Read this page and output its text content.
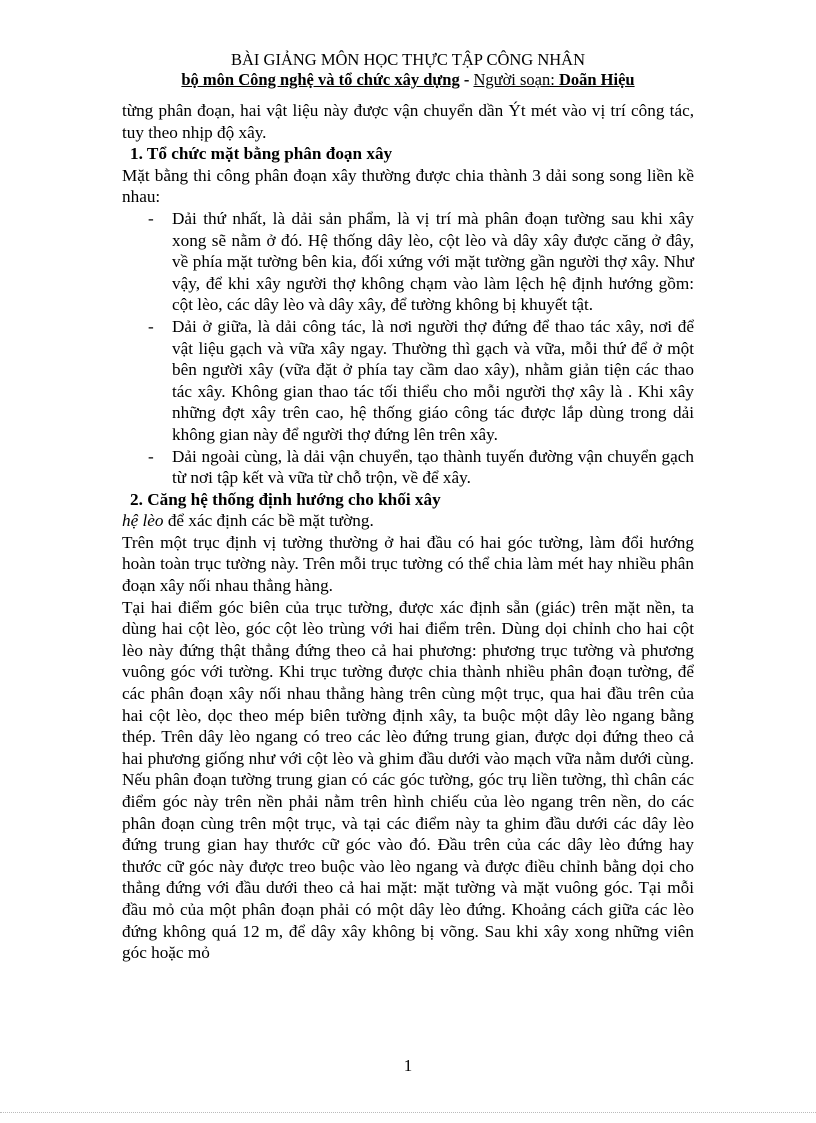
BÀI GIẢNG MÔN HỌC THỰC TẬP CÔNG NHÂN
bộ môn Công nghệ và tổ chức xây dựng - Người soạn: Doãn Hiệu

từng phân đoạn, hai vật liệu này được vận chuyển dần Ýt mét vào vị trí công tác, tuy theo nhịp độ xây.

1. Tổ chức mặt bằng phân đoạn xây

Mặt bằng thi công phân đoạn xây thường được chia thành 3 dải song song liền kề nhau:

- Dải thứ nhất, là dải sản phẩm, là vị trí mà phân đoạn tường sau khi xây xong sẽ nằm ở đó. Hệ thống dây lèo, cột lèo và dây xây được căng ở đây, về phía mặt tường bên kia, đối xứng với mặt tường gần người thợ xây. Như vậy, để khi xây người thợ không chạm vào làm lệch hệ định hướng gồm: cột lèo, các dây lèo và dây xây, để tường không bị khuyết tật.
- Dải ở giữa, là dải công tác, là nơi người thợ đứng để thao tác xây, nơi để vật liệu gạch và vữa xây ngay. Thường thì gạch và vữa, mỗi thứ để ở một bên người xây (vữa đặt ở phía tay cầm dao xây), nhằm giản tiện các thao tác xây. Không gian thao tác tối thiểu cho mỗi người thợ xây là . Khi xây những đợt xây trên cao, hệ thống giáo công tác được lắp dùng trong dải không gian này để người thợ đứng lên trên xây.
- Dải ngoài cùng, là dải vận chuyển, tạo thành tuyến đường vận chuyển gạch từ nơi tập kết và vữa từ chỗ trộn, về để xây.
2. Căng hệ thống định hướng cho khối xây

hệ lèo để xác định các bề mặt tường.

Trên một trục định vị tường thường ở hai đầu có hai góc tường, làm đổi hướng hoàn toàn trục tường này. Trên mỗi trục tường có thể chia làm mét hay nhiều phân đoạn xây nối nhau thẳng hàng.

Tại hai điểm góc biên của trục tường, được xác định sẵn (giác) trên mặt nền, ta dùng hai cột lèo, góc cột lèo trùng với hai điểm trên. Dùng dọi chỉnh cho hai cột lèo này đứng thật thẳng đứng theo cả hai phương: phương trục tường và phương vuông góc với tường. Khi trục tường được chia thành nhiều phân đoạn tường, để các phân đoạn xây nối nhau thẳng hàng trên cùng một trục, qua hai đầu trên của hai cột lèo, dọc theo mép biên tường định xây, ta buộc một dây lèo ngang bằng thép. Trên dây lèo ngang có treo các lèo đứng trung gian, được dọi đứng theo cả hai phương giống như với cột lèo và ghim đầu dưới vào mạch vữa nằm dưới cùng. Nếu phân đoạn tường trung gian có các góc tường, góc trụ liền tường, thì chân các điểm góc này trên nền phải nằm trên hình chiếu của lèo ngang trên nền, do các phân đoạn cùng trên một trục, và tại các điểm này ta ghim đầu dưới các dây lèo đứng trung gian hay thước cữ góc vào đó. Đầu trên của các dây lèo đứng hay thước cữ góc này được treo buộc vào lèo ngang và được điều chỉnh bằng dọi cho thẳng đứng với đầu dưới theo cả hai mặt: mặt tường và mặt vuông góc. Tại mỗi đầu mỏ của một phân đoạn phải có một dây lèo đứng. Khoảng cách giữa các lèo đứng không quá 12 m, để dây xây không bị võng. Sau khi xây xong những viên góc hoặc mỏ

1
